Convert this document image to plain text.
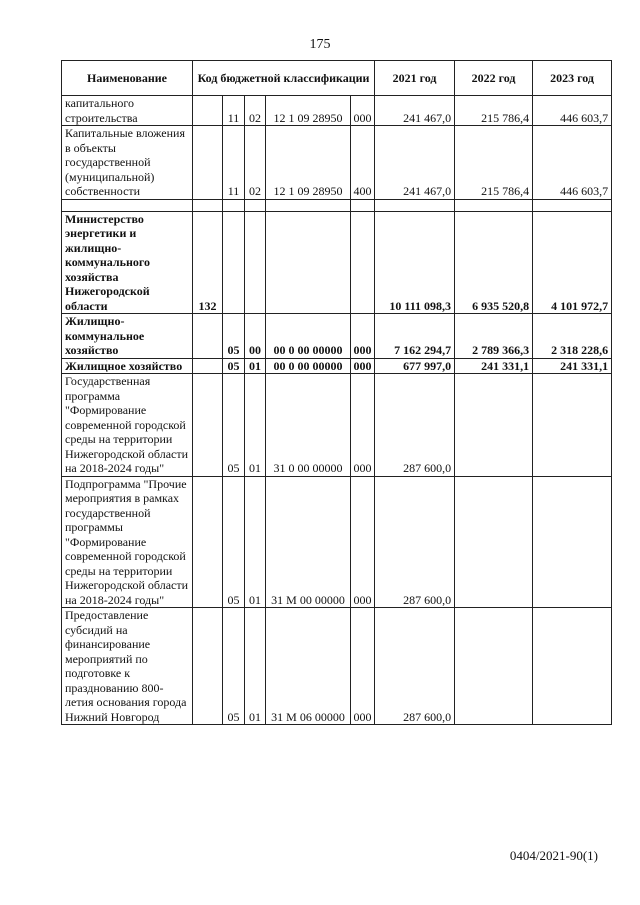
175
Наименование	Код бюджетной классификации					2021 год	2022 год	2023 год
капитального строительства		11	02	12 1 09 28950	000	241 467,0	215 786,4	446 603,7
Капитальные вложения в объекты государственной (муниципальной) собственности		11	02	12 1 09 28950	400	241 467,0	215 786,4	446 603,7

Министерство энергетики и жилищно-коммунального хозяйства Нижегородской области	132					10 111 098,3	6 935 520,8	4 101 972,7
Жилищно-коммунальное хозяйство		05	00	00 0 00 00000	000	7 162 294,7	2 789 366,3	2 318 228,6
Жилищное хозяйство		05	01	00 0 00 00000	000	677 997,0	241 331,1	241 331,1
Государственная программа "Формирование современной городской среды на территории Нижегородской области на 2018-2024 годы"		05	01	31 0 00 00000	000	287 600,0		
Подпрограмма "Прочие мероприятия в рамках государственной программы "Формирование современной городской среды на территории Нижегородской области на 2018-2024 годы"		05	01	31 М 00 00000	000	287 600,0		
Предоставление субсидий на финансирование мероприятий по подготовке к празднованию 800-летия основания города Нижний Новгород		05	01	31 М 06 00000	000	287 600,0		
0404/2021-90(1)
